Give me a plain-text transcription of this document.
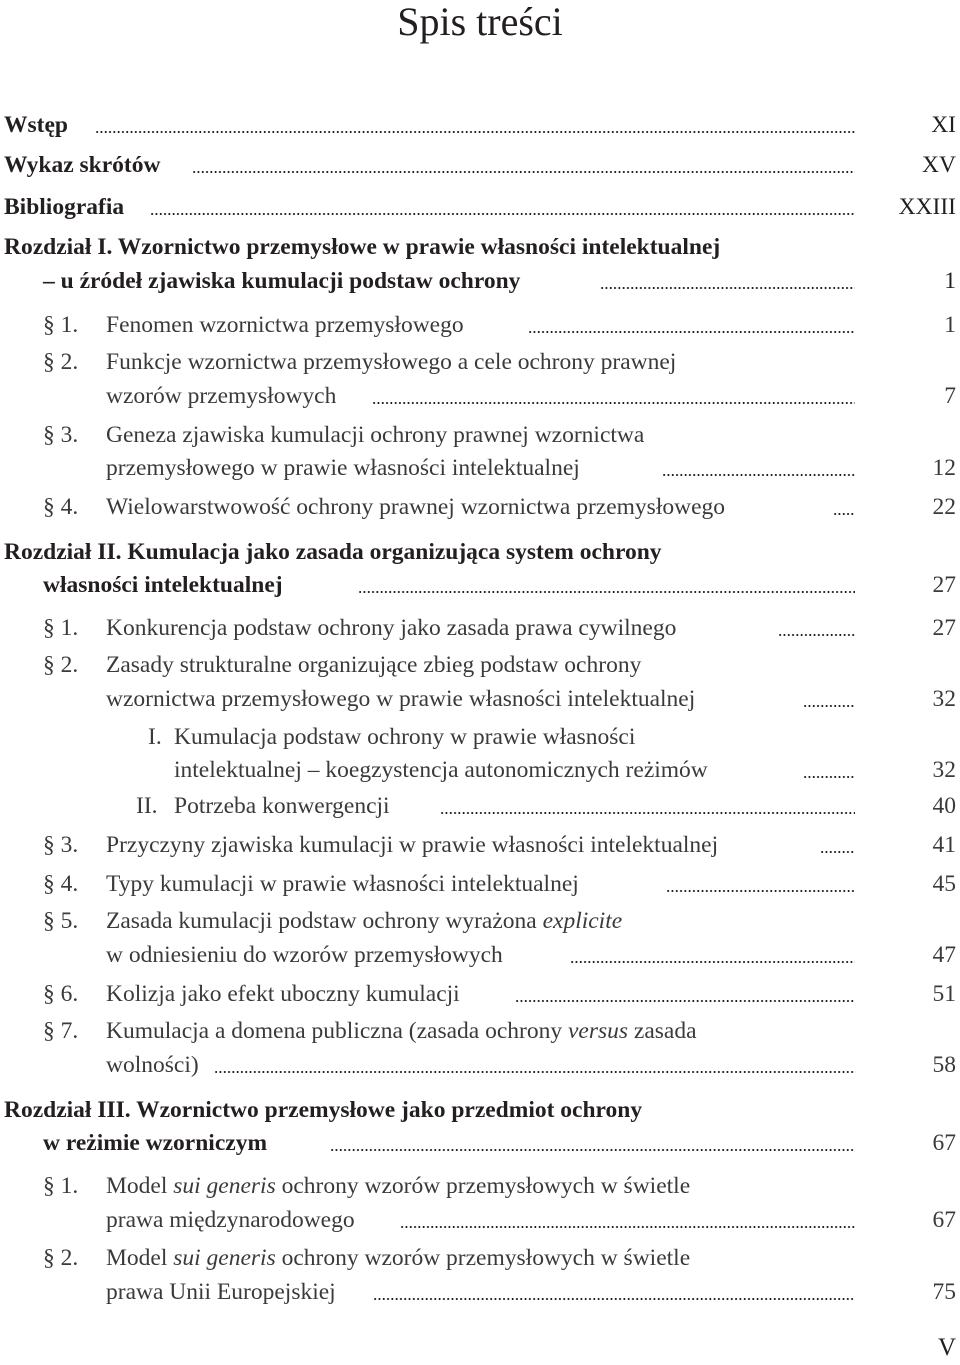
Spis treści
Wstęp	XI
Wykaz skrótów	XV
Bibliografia	XXIII
Rozdział I. Wzornictwo przemysłowe w prawie własności intelektualnej
– u źródeł zjawiska kumulacji podstaw ochrony	1
§ 1. Fenomen wzornictwa przemysłowego	1
§ 2. Funkcje wzornictwa przemysłowego a cele ochrony prawnej
wzorów przemysłowych	7
§ 3. Geneza zjawiska kumulacji ochrony prawnej wzornictwa
przemysłowego w prawie własności intelektualnej	12
§ 4. Wielowarstwowość ochrony prawnej wzornictwa przemysłowego	22
Rozdział II. Kumulacja jako zasada organizująca system ochrony
własności intelektualnej	27
§ 1. Konkurencja podstaw ochrony jako zasada prawa cywilnego	27
§ 2. Zasady strukturalne organizujące zbieg podstaw ochrony
wzornictwa przemysłowego w prawie własności intelektualnej	32
I. Kumulacja podstaw ochrony w prawie własności
intelektualnej – koegzystencja autonomicznych reżimów	32
II. Potrzeba konwergencji	40
§ 3. Przyczyny zjawiska kumulacji w prawie własności intelektualnej	41
§ 4. Typy kumulacji w prawie własności intelektualnej	45
§ 5. Zasada kumulacji podstaw ochrony wyrażona explicite
w odniesieniu do wzorów przemysłowych	47
§ 6. Kolizja jako efekt uboczny kumulacji	51
§ 7. Kumulacja a domena publiczna (zasada ochrony versus zasada
wolności)	58
Rozdział III. Wzornictwo przemysłowe jako przedmiot ochrony
w reżimie wzorniczym	67
§ 1. Model sui generis ochrony wzorów przemysłowych w świetle
prawa międzynarodowego	67
§ 2. Model sui generis ochrony wzorów przemysłowych w świetle
prawa Unii Europejskiej	75
V
